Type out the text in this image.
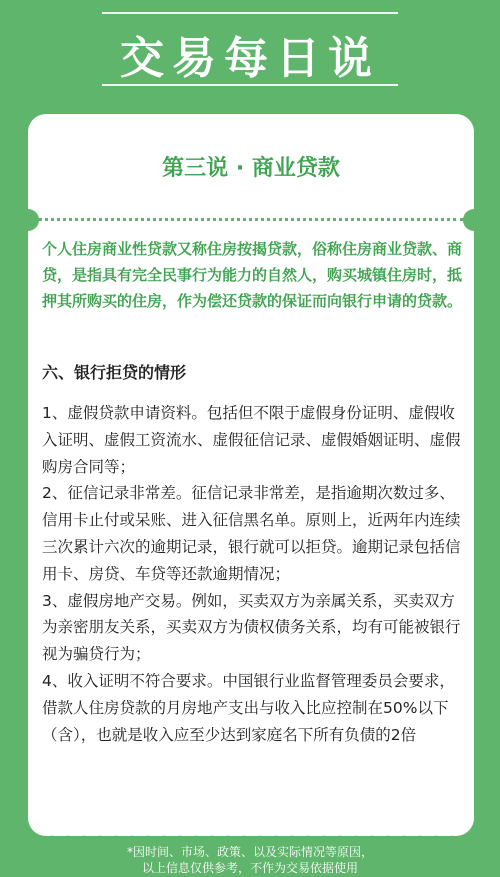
交易每日说
第三说 · 商业贷款
个人住房商业性贷款又称住房按揭贷款，俗称住房商业贷款、商贷，是指具有完全民事行为能力的自然人，购买城镇住房时，抵押其所购买的住房，作为偿还贷款的保证而向银行申请的贷款。
六、银行拒贷的情形
1、虚假贷款申请资料。包括但不限于虚假身份证明、虚假收入证明、虚假工资流水、虚假征信记录、虚假婚姻证明、虚假购房合同等；
2、征信记录非常差。征信记录非常差，是指逾期次数过多、信用卡止付或呆账、进入征信黑名单。原则上，近两年内连续三次累计六次的逾期记录，银行就可以拒贷。逾期记录包括信用卡、房贷、车贷等还款逾期情况；
3、虚假房地产交易。例如，买卖双方为亲属关系，买卖双方为亲密朋友关系，买卖双方为债权债务关系，均有可能被银行视为骗贷行为；
4、收入证明不符合要求。中国银行业监督管理委员会要求，借款人住房贷款的月房地产支出与收入比应控制在50%以下（含），也就是收入应至少达到家庭名下所有负债的2倍
*因时间、市场、政策、以及实际情况等原因，
以上信息仅供参考，不作为交易依据使用
